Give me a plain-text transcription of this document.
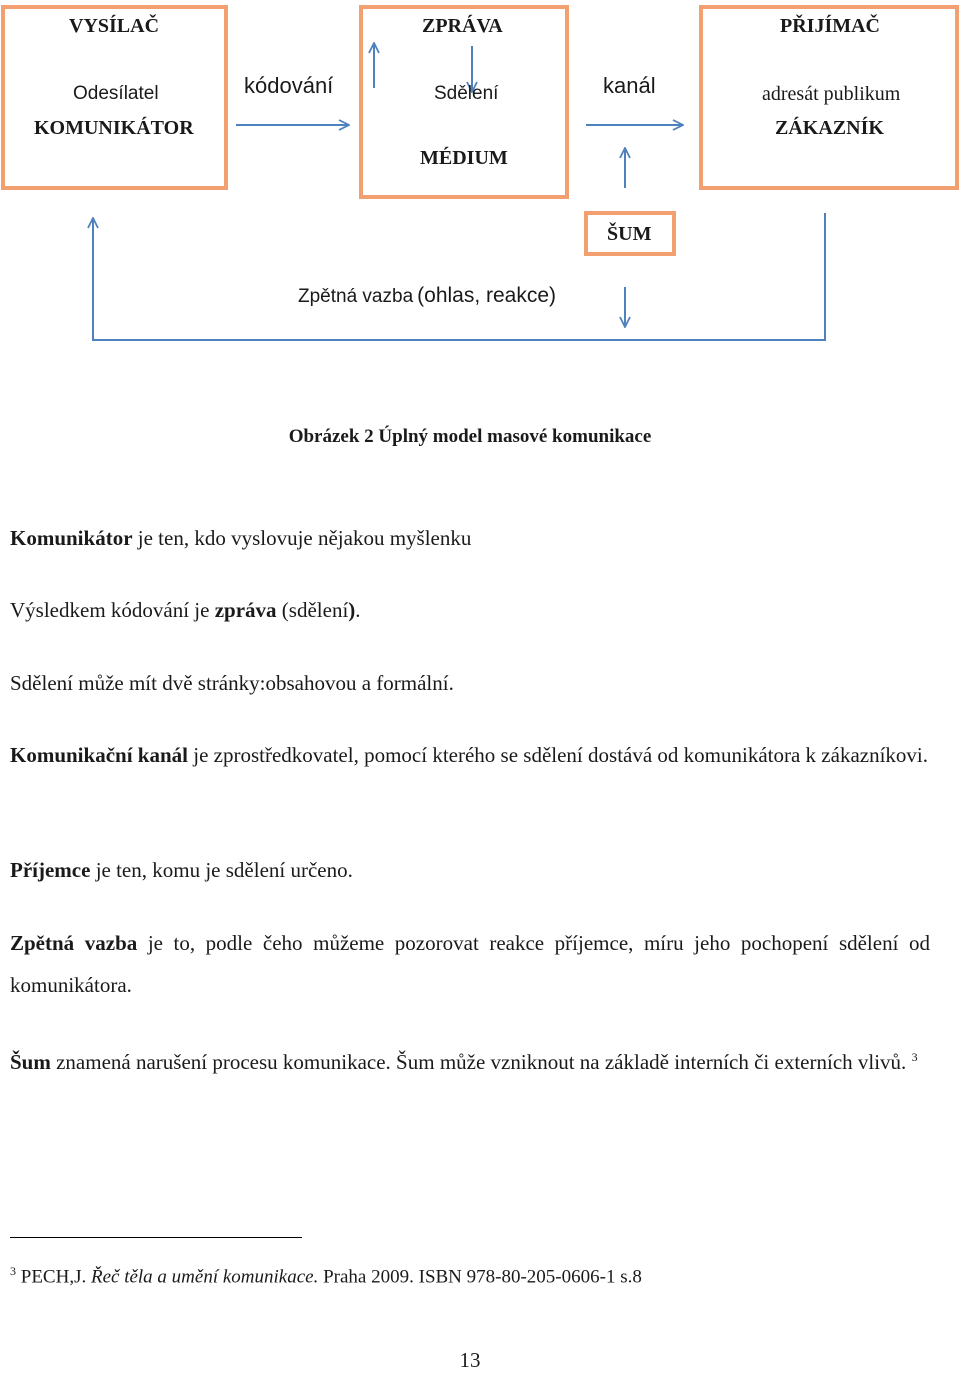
VYSÍLAČ
Odesílatel
KOMUNIKÁTOR
ZPRÁVA
Sdělení
MÉDIUM
PŘIJÍMAČ
adresát publikum
ZÁKAZNÍK
ŠUM
kódování	kanál
Zpětná vazba (ohlas, reakce)
Obrázek 2 Úplný model masové komunikace
Komunikátor je ten, kdo vyslovuje nějakou myšlenku
Výsledkem kódování je zpráva (sdělení).
Sdělení může mít dvě stránky:obsahovou a formální.
Komunikační kanál je zprostředkovatel, pomocí kterého se sdělení dostává od komunikátora k zákazníkovi.
Příjemce je ten, komu je sdělení určeno.
Zpětná vazba je to, podle čeho můžeme pozorovat reakce příjemce, míru jeho pochopení sdělení od komunikátora.
Šum znamená narušení procesu komunikace. Šum může vzniknout na základě interních či externích vlivů. $^3$
$^3$ PECH,J. Řeč těla a umění komunikace. Praha 2009. ISBN 978-80-205-0606-1 s.8
13
